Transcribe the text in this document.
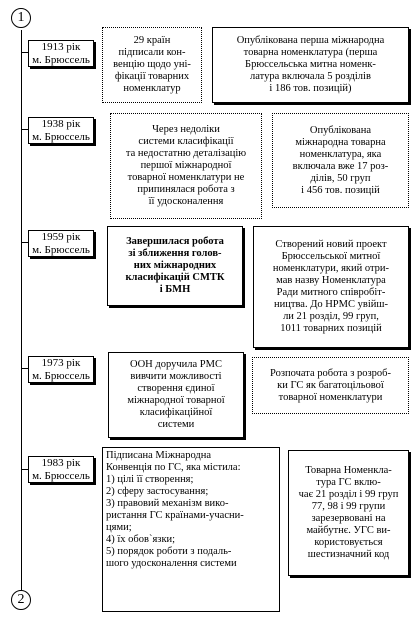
1
2
1913 рік
м. Брюссель
29 країн
підписали кон-
венцію щодо уні-
фікації товарних
номенклатур
Опублікована перша міжнародна
товарна номенклатура (перша
Брюссельська митна номенк-
латура включала 5 розділів
і 186 тов. позицій)
1938 рік
м. Брюссель
Через недоліки
системи класифікації
та недостатню деталізацію
першої міжнародної
товарної номенклатури не
припинялася робота з
її удосконалення
Опублікована
міжнародна товарна
номенклатура, яка
включала вже 17 роз-
ділів, 50 груп
і 456 тов. позицій
1959 рік
м. Брюссель
Завершилася робота
зі зближення голов-
них міжнародних
класифікацій СМТК
і БМН
Створений новий проект
Брюссельської митної
номенклатури, який отри-
мав назву Номенклатура
Ради митного співробіт-
ництва. До НРМС увійш-
ли 21 розділ, 99 груп,
1011 товарних позицій
1973 рік
м. Брюссель
ООН доручила РМС
вивчити можливості
створення єдиної
міжнародної товарної
класифікаційної
системи
Розпочата робота з розроб-
ки ГС як багатоцільової
товарної номенклатури
1983 рік
м. Брюссель
Підписана Міжнародна
Конвенція по ГС, яка містила:
1) цілі її створення;
2) сферу застосування;
3) правовий механізм вико-
ристання ГС країнами-учасни-
цями;
4) їх обов`язки;
5) порядок роботи з подаль-
шого удосконалення системи
Товарна Номенкла-
тура ГС вклю-
чає 21 розділ і 99 груп
77, 98 і 99 групи
зарезервовані на
майбутнє. УГС ви-
користовується
шестизначний код
